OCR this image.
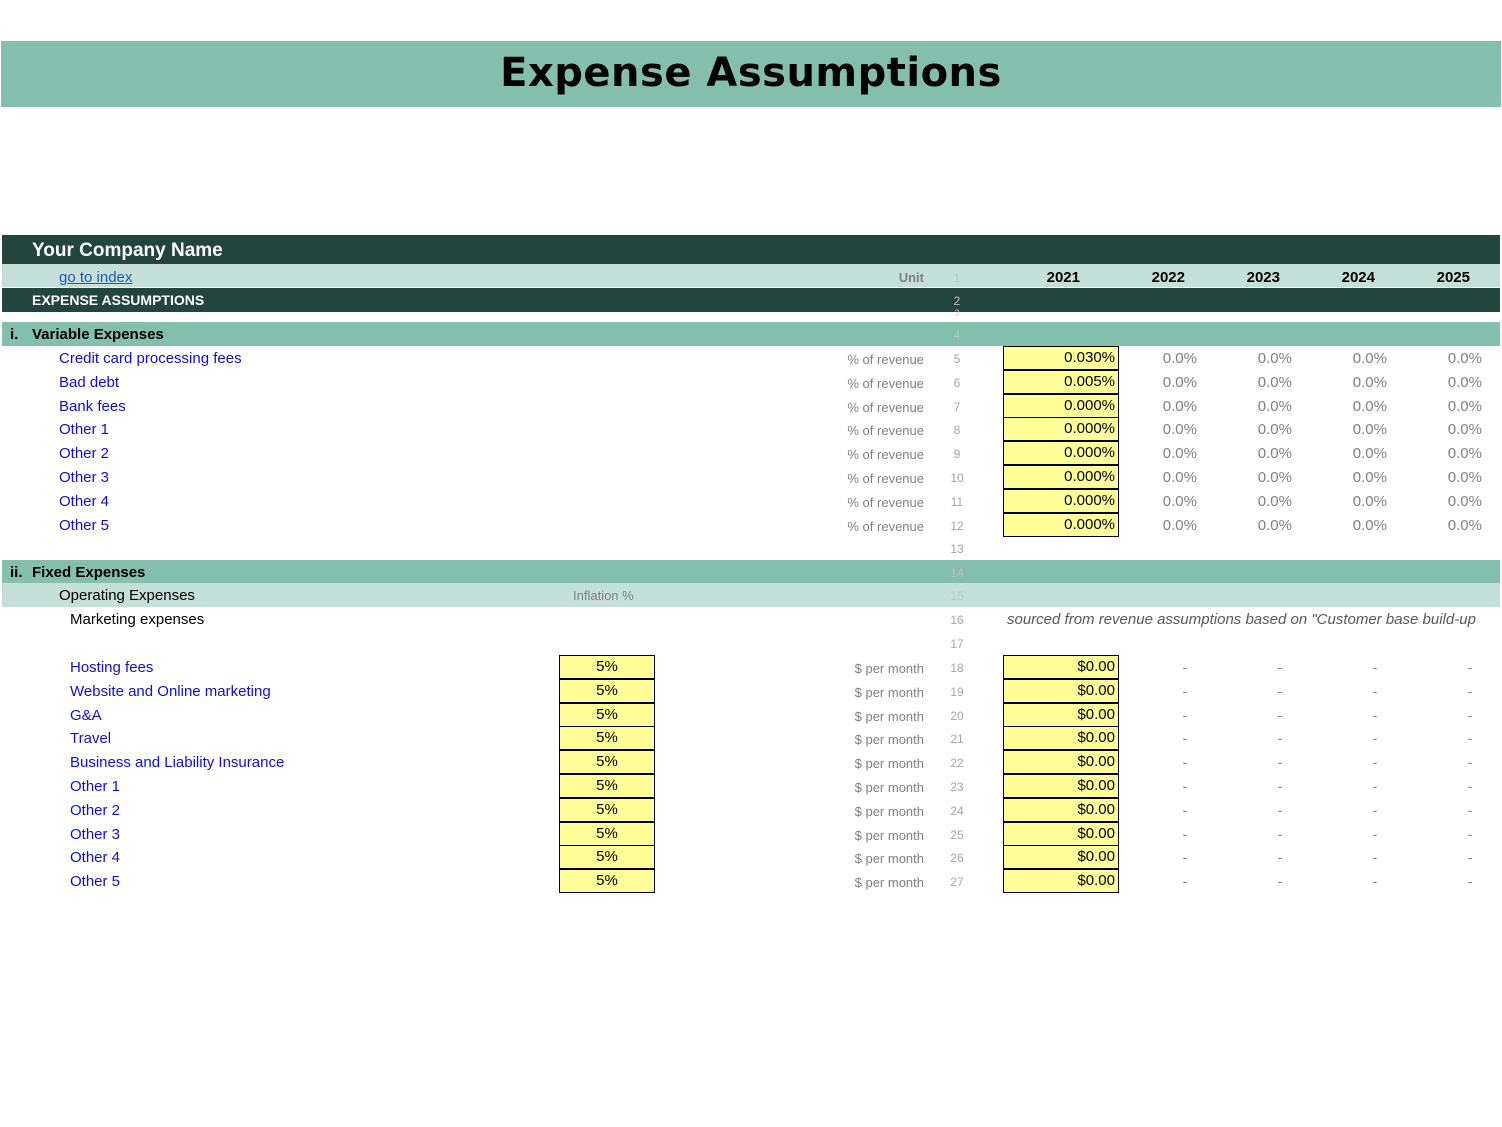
Expense Assumptions
Your Company Name
go to index	Unit	1	2021	2022	2023	2024	2025
EXPENSE ASSUMPTIONS	2
3
i. Variable Expenses	4
Credit card processing fees	% of revenue	5	0.030%	0.0%	0.0%	0.0%	0.0%
Bad debt	% of revenue	6	0.005%	0.0%	0.0%	0.0%	0.0%
Bank fees	% of revenue	7	0.000%	0.0%	0.0%	0.0%	0.0%
Other 1	% of revenue	8	0.000%	0.0%	0.0%	0.0%	0.0%
Other 2	% of revenue	9	0.000%	0.0%	0.0%	0.0%	0.0%
Other 3	% of revenue	10	0.000%	0.0%	0.0%	0.0%	0.0%
Other 4	% of revenue	11	0.000%	0.0%	0.0%	0.0%	0.0%
Other 5	% of revenue	12	0.000%	0.0%	0.0%	0.0%	0.0%
13
ii. Fixed Expenses	14
Operating Expenses	Inflation %	15
Marketing expenses	16	sourced from revenue assumptions based on "Customer base build-up
17
Hosting fees	5%	$ per month	18	$0.00	-	-	-	-
Website and Online marketing	5%	$ per month	19	$0.00	-	-	-	-
G&A	5%	$ per month	20	$0.00	-	-	-	-
Travel	5%	$ per month	21	$0.00	-	-	-	-
Business and Liability Insurance	5%	$ per month	22	$0.00	-	-	-	-
Other 1	5%	$ per month	23	$0.00	-	-	-	-
Other 2	5%	$ per month	24	$0.00	-	-	-	-
Other 3	5%	$ per month	25	$0.00	-	-	-	-
Other 4	5%	$ per month	26	$0.00	-	-	-	-
Other 5	5%	$ per month	27	$0.00	-	-	-	-
